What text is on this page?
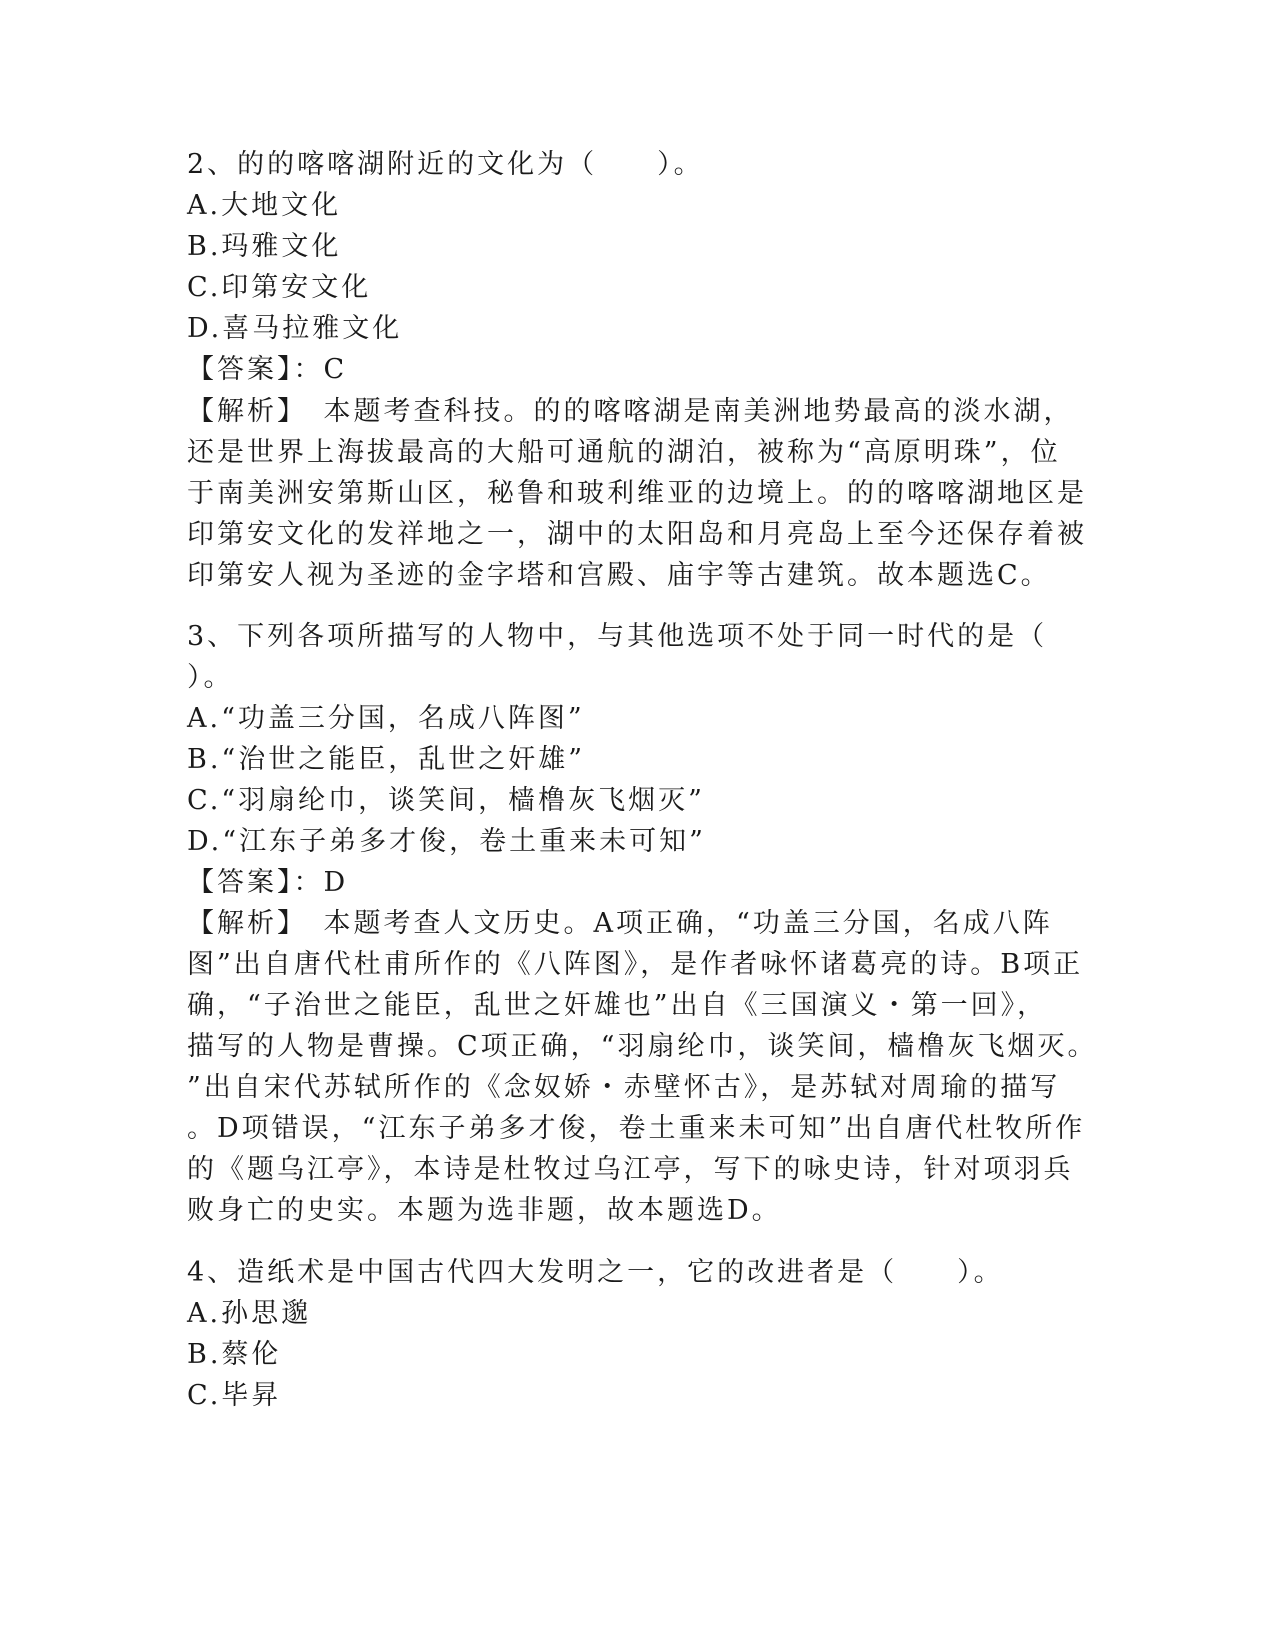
2、的的喀喀湖附近的文化为（　　）。
A.大地文化
B.玛雅文化
C.印第安文化
D.喜马拉雅文化
【答案】：C
【解析】　本题考查科技。的的喀喀湖是南美洲地势最高的淡水湖，
还是世界上海拔最高的大船可通航的湖泊，被称为“高原明珠”，位
于南美洲安第斯山区，秘鲁和玻利维亚的边境上。的的喀喀湖地区是
印第安文化的发祥地之一，湖中的太阳岛和月亮岛上至今还保存着被
印第安人视为圣迹的金字塔和宫殿、庙宇等古建筑。故本题选C。
3、下列各项所描写的人物中，与其他选项不处于同一时代的是（
）。
A.“功盖三分国，名成八阵图”
B.“治世之能臣，乱世之奸雄”
C.“羽扇纶巾，谈笑间，樯橹灰飞烟灭”
D.“江东子弟多才俊，卷土重来未可知”
【答案】：D
【解析】　本题考查人文历史。A项正确，“功盖三分国，名成八阵
图”出自唐代杜甫所作的《八阵图》，是作者咏怀诸葛亮的诗。B项正
确，“子治世之能臣，乱世之奸雄也”出自《三国演义・第一回》，
描写的人物是曹操。C项正确，“羽扇纶巾，谈笑间，樯橹灰飞烟灭。
”出自宋代苏轼所作的《念奴娇・赤壁怀古》，是苏轼对周瑜的描写
。D项错误，“江东子弟多才俊，卷土重来未可知”出自唐代杜牧所作
的《题乌江亭》，本诗是杜牧过乌江亭，写下的咏史诗，针对项羽兵
败身亡的史实。本题为选非题，故本题选D。
4、造纸术是中国古代四大发明之一，它的改进者是（　　）。
A.孙思邈
B.蔡伦
C.毕昇
